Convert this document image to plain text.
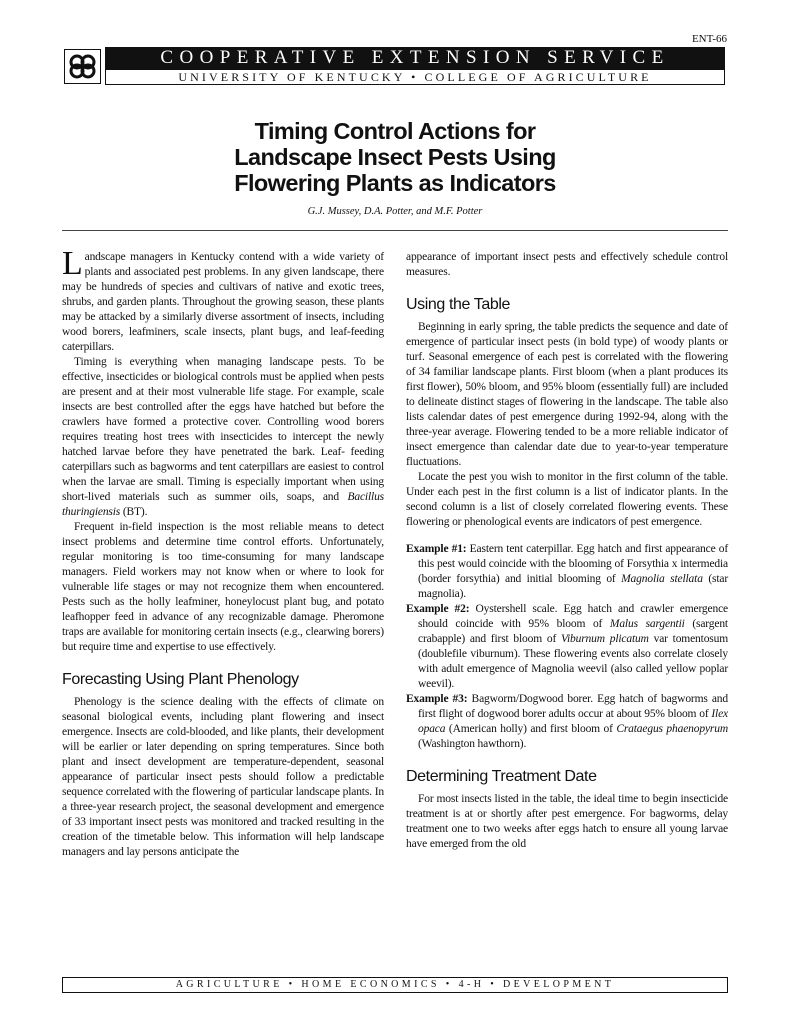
ENT-66
COOPERATIVE EXTENSION SERVICE
UNIVERSITY OF KENTUCKY • COLLEGE OF AGRICULTURE
Timing Control Actions for
Landscape Insect Pests Using
Flowering Plants as Indicators
G.J. Mussey, D.A. Potter, and M.F. Potter

Landscape managers in Kentucky contend with a wide variety of plants and associated pest problems. In any given landscape, there may be hundreds of species and cultivars of native and exotic trees, shrubs, and garden plants. Throughout the growing season, these plants may be attacked by a similarly diverse assortment of insects, including wood borers, leafminers, scale insects, plant bugs, and leaf-feeding caterpillars.

Timing is everything when managing landscape pests. To be effective, insecticides or biological controls must be applied when pests are present and at their most vulnerable life stage. For example, scale insects are best controlled after the eggs have hatched but before the crawlers have formed a protective cover. Controlling wood borers requires treating host trees with insecticides to intercept the newly hatched larvae before they have penetrated the bark. Leaf- feeding caterpillars such as bagworms and tent caterpillars are easiest to control when the larvae are small. Timing is especially important when using short-lived materials such as summer oils, soaps, and Bacillus thuringiensis (BT).

Frequent in-field inspection is the most reliable means to detect insect problems and determine time control efforts. Unfortunately, regular monitoring is too time-consuming for many landscape managers. Field workers may not know when or where to look for vulnerable life stages or may not recognize them when encountered. Pests such as the holly leafminer, honeylocust plant bug, and potato leafhopper feed in advance of any recognizable damage. Pheromone traps are available for monitoring certain insects (e.g., clearwing borers) but require time and expertise to use effectively.

Forecasting Using Plant Phenology

Phenology is the science dealing with the effects of climate on seasonal biological events, including plant flowering and insect emergence. Insects are cold-blooded, and like plants, their development will be earlier or later depending on spring temperatures. Since both plant and insect development are temperature-dependent, seasonal appearance of particular insect pests should follow a predictable sequence correlated with the flowering of particular landscape plants. In a three-year research project, the seasonal development and emergence of 33 important insect pests was monitored and tracked resulting in the creation of the timetable below. This information will help landscape managers and lay persons anticipate the

appearance of important insect pests and effectively schedule control measures.

Using the Table

Beginning in early spring, the table predicts the sequence and date of emergence of particular insect pests (in bold type) of woody plants or turf. Seasonal emergence of each pest is correlated with the flowering of 34 familiar landscape plants. First bloom (when a plant produces its first flower), 50% bloom, and 95% bloom (essentially full) are included to delineate distinct stages of flowering in the landscape. The table also lists calendar dates of pest emergence during 1992-94, along with the three-year average. Flowering tended to be a more reliable indicator of insect emergence than calendar date due to year-to-year temperature fluctuations.

Locate the pest you wish to monitor in the first column of the table. Under each pest in the first column is a list of indicator plants. In the second column is a list of closely correlated flowering events. These flowering or phenological events are indicators of pest emergence.

Example #1: Eastern tent caterpillar. Egg hatch and first appearance of this pest would coincide with the blooming of Forsythia x intermedia (border forsythia) and initial blooming of Magnolia stellata (star magnolia).

Example #2: Oystershell scale. Egg hatch and crawler emergence should coincide with 95% bloom of Malus sargentii (sargent crabapple) and first bloom of Viburnum plicatum var tomentosum (doublefile viburnum). These flowering events also correlate closely with adult emergence of Magnolia weevil (also called yellow poplar weevil).

Example #3: Bagworm/Dogwood borer. Egg hatch of bagworms and first flight of dogwood borer adults occur at about 95% bloom of Ilex opaca (American holly) and first bloom of Crataegus phaenopyrum (Washington hawthorn).

Determining Treatment Date

For most insects listed in the table, the ideal time to begin insecticide treatment is at or shortly after pest emergence. For bagworms, delay treatment one to two weeks after eggs hatch to ensure all young larvae have emerged from the old

AGRICULTURE • HOME ECONOMICS • 4-H • DEVELOPMENT
